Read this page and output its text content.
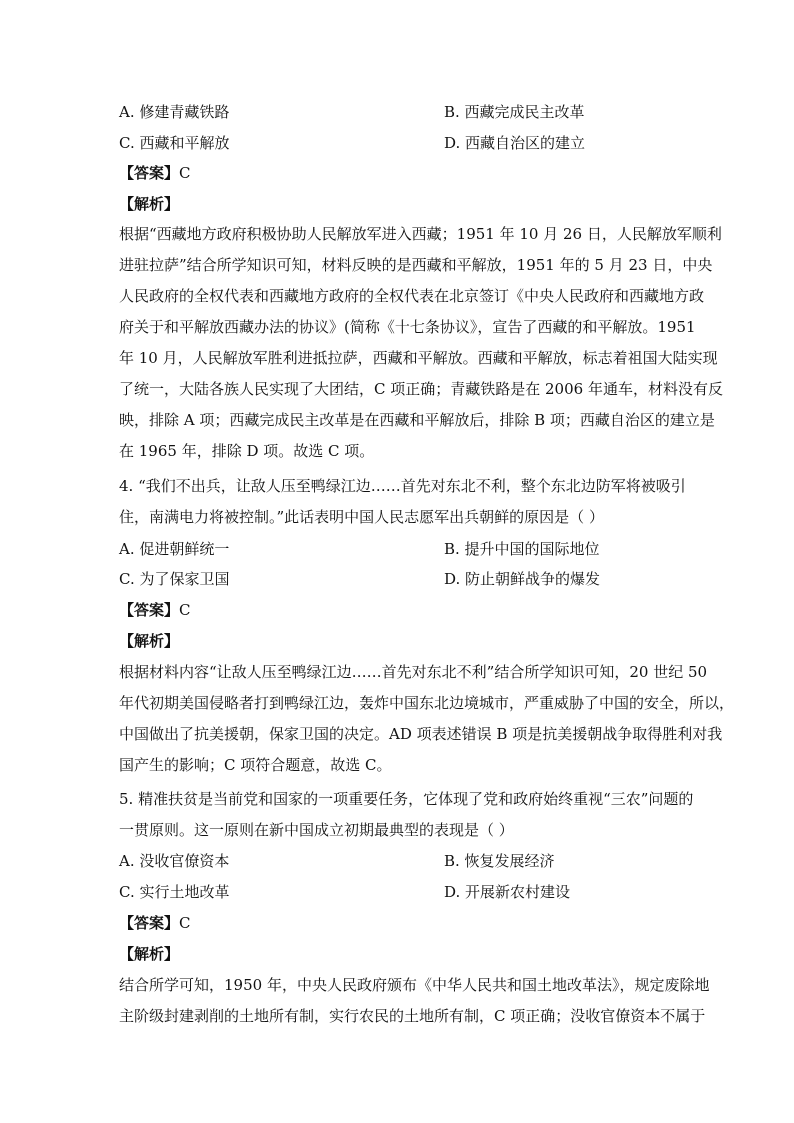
A. 修建青藏铁路	B. 西藏完成民主改革
C. 西藏和平解放	D. 西藏自治区的建立
【答案】C
【解析】
根据“西藏地方政府积极协助人民解放军进入西藏；1951 年 10 月 26 日，人民解放军顺利
进驻拉萨”结合所学知识可知，材料反映的是西藏和平解放，1951 年的 5 月 23 日，中央
人民政府的全权代表和西藏地方政府的全权代表在北京签订《中央人民政府和西藏地方政
府关于和平解放西藏办法的协议》(简称《十七条协议》，宣告了西藏的和平解放。1951
年 10 月，人民解放军胜利进抵拉萨，西藏和平解放。西藏和平解放，标志着祖国大陆实现
了统一，大陆各族人民实现了大团结，C 项正确；青藏铁路是在 2006 年通车，材料没有反
映，排除 A 项；西藏完成民主改革是在西藏和平解放后，排除 B 项；西藏自治区的建立是
在 1965 年，排除 D 项。故选 C 项。
4. “我们不出兵，让敌人压至鸭绿江边……首先对东北不利，整个东北边防军将被吸引
住，南满电力将被控制。”此话表明中国人民志愿军出兵朝鲜的原因是（ ）
A. 促进朝鲜统一	B. 提升中国的国际地位
C. 为了保家卫国	D. 防止朝鲜战争的爆发
【答案】C
【解析】
根据材料内容“让敌人压至鸭绿江边……首先对东北不利”结合所学知识可知，20 世纪 50
年代初期美国侵略者打到鸭绿江边，轰炸中国东北边境城市，严重威胁了中国的安全，所以，
中国做出了抗美援朝，保家卫国的决定。AD 项表述错误 B 项是抗美援朝战争取得胜利对我
国产生的影响；C 项符合题意，故选 C。
5. 精准扶贫是当前党和国家的一项重要任务，它体现了党和政府始终重视“三农”问题的
一贯原则。这一原则在新中国成立初期最典型的表现是（ ）
A. 没收官僚资本	B. 恢复发展经济
C. 实行土地改革	D. 开展新农村建设
【答案】C
【解析】
结合所学可知，1950 年，中央人民政府颁布《中华人民共和国土地改革法》，规定废除地
主阶级封建剥削的土地所有制，实行农民的土地所有制，C 项正确；没收官僚资本不属于
